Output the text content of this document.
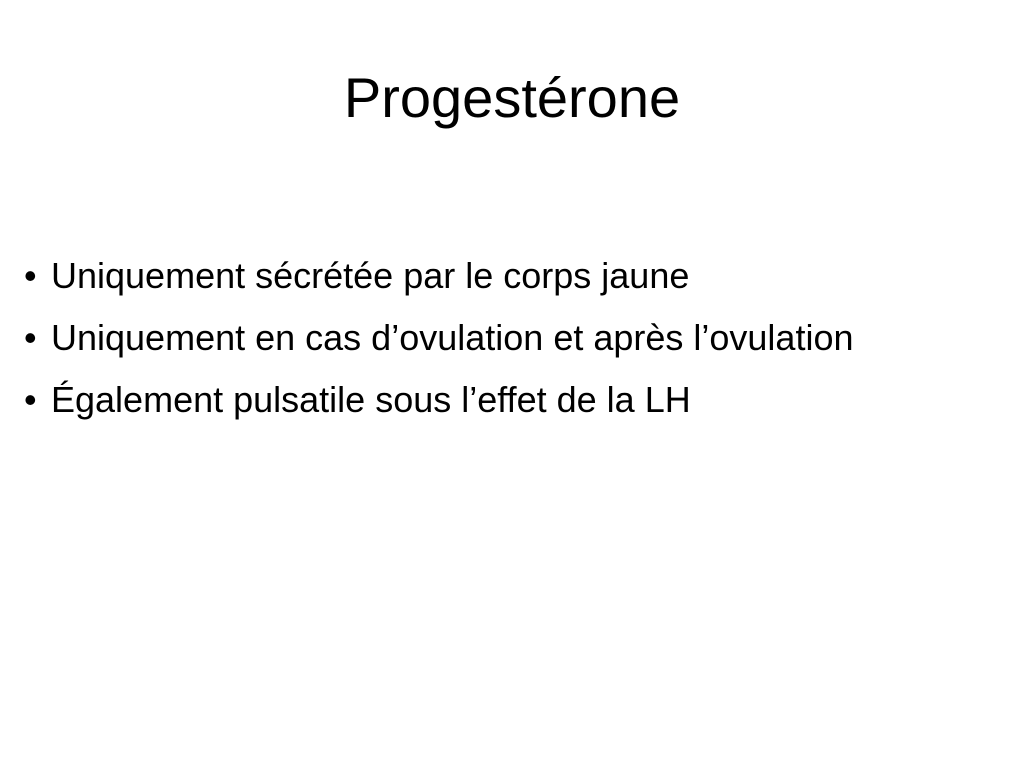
Progestérone
• Uniquement sécrétée par le corps jaune
• Uniquement en cas d’ovulation et après l’ovulation
• Également pulsatile sous l’effet de la LH
